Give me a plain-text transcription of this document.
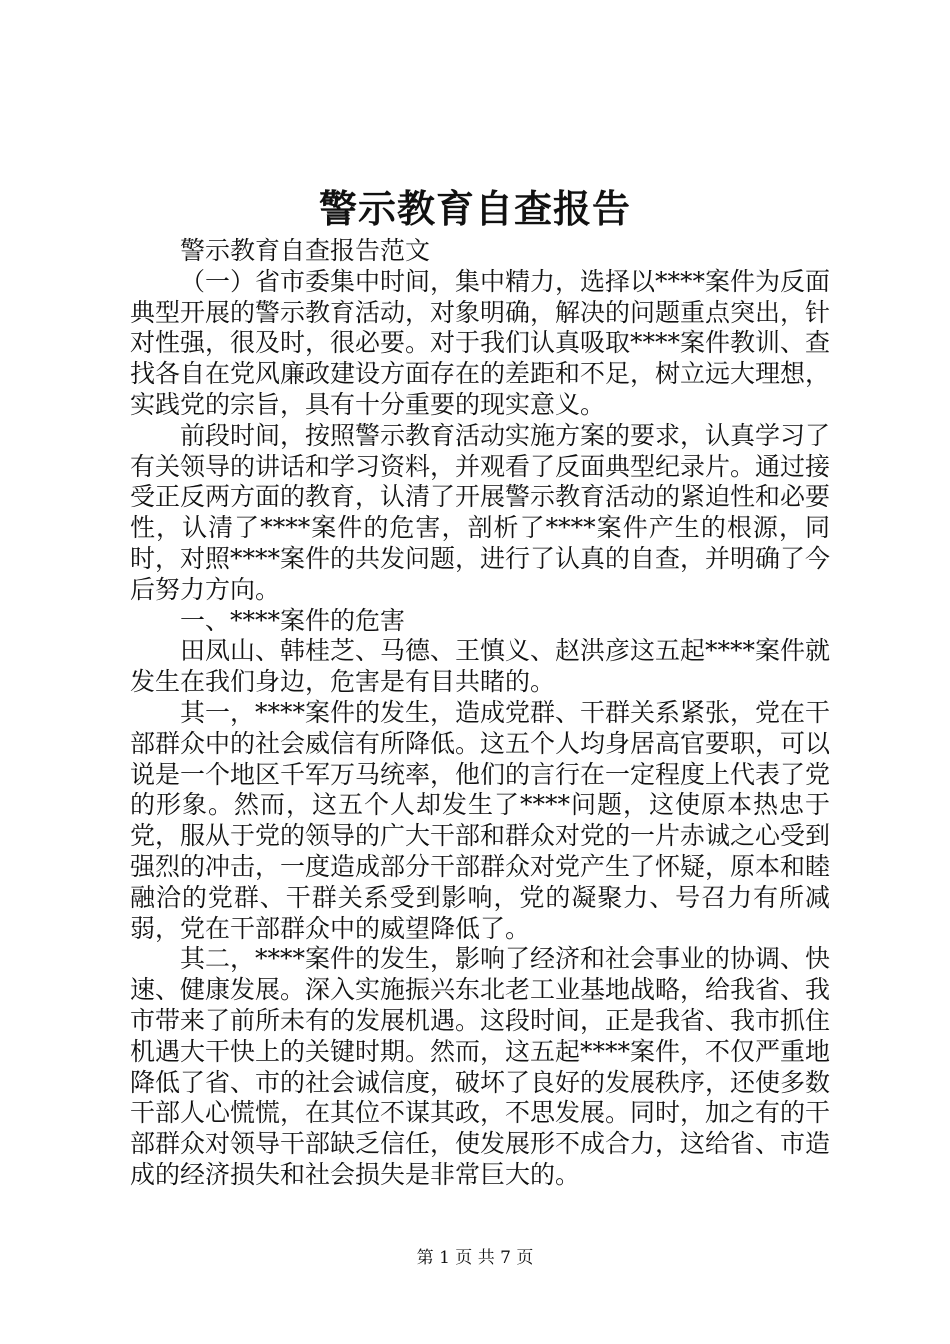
警示教育自查报告

警示教育自查报告范文

（一）省市委集中时间，集中精力，选择以****案件为反面典型开展的警示教育活动，对象明确，解决的问题重点突出，针对性强，很及时，很必要。对于我们认真吸取****案件教训、查找各自在党风廉政建设方面存在的差距和不足，树立远大理想，实践党的宗旨，具有十分重要的现实意义。

前段时间，按照警示教育活动实施方案的要求，认真学习了有关领导的讲话和学习资料，并观看了反面典型纪录片。通过接受正反两方面的教育，认清了开展警示教育活动的紧迫性和必要性，认清了****案件的危害，剖析了****案件产生的根源，同时，对照****案件的共发问题，进行了认真的自查，并明确了今后努力方向。

一、****案件的危害

田凤山、韩桂芝、马德、王慎义、赵洪彦这五起****案件就发生在我们身边，危害是有目共睹的。

其一，****案件的发生，造成党群、干群关系紧张，党在干部群众中的社会威信有所降低。这五个人均身居高官要职，可以说是一个地区千军万马统率，他们的言行在一定程度上代表了党的形象。然而，这五个人却发生了****问题，这使原本热忠于党，服从于党的领导的广大干部和群众对党的一片赤诚之心受到强烈的冲击，一度造成部分干部群众对党产生了怀疑，原本和睦融洽的党群、干群关系受到影响，党的凝聚力、号召力有所减弱，党在干部群众中的威望降低了。

其二，****案件的发生，影响了经济和社会事业的协调、快速、健康发展。深入实施振兴东北老工业基地战略，给我省、我市带来了前所未有的发展机遇。这段时间，正是我省、我市抓住机遇大干快上的关键时期。然而，这五起****案件，不仅严重地降低了省、市的社会诚信度，破坏了良好的发展秩序，还使多数干部人心慌慌，在其位不谋其政，不思发展。同时，加之有的干部群众对领导干部缺乏信任，使发展形不成合力，这给省、市造成的经济损失和社会损失是非常巨大的。

第 1 页 共 7 页
